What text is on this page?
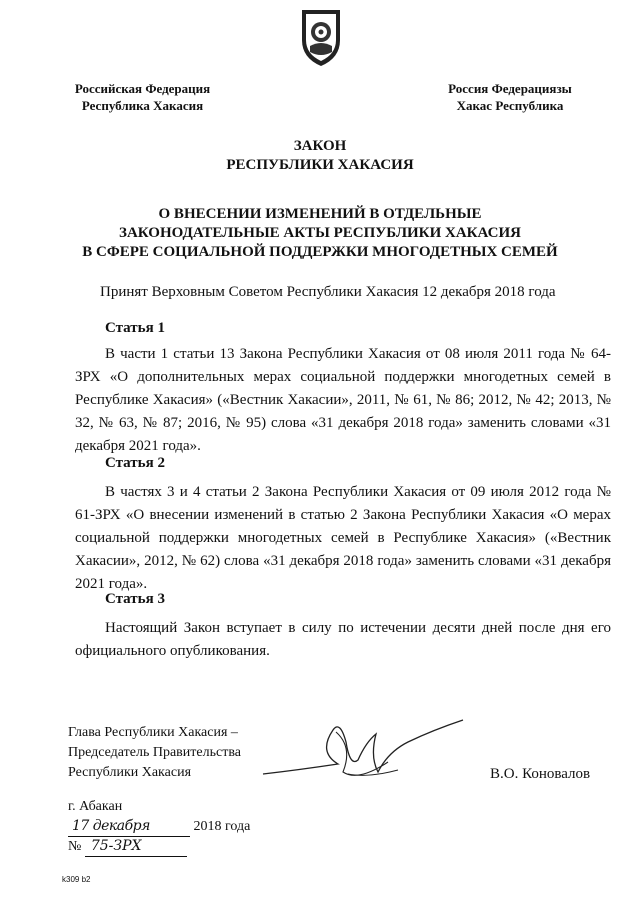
Российская Федерация
Республика Хакасия
Россия Федерациязы
Хакас Республика
ЗАКОН
РЕСПУБЛИКИ ХАКАСИЯ
О ВНЕСЕНИИ ИЗМЕНЕНИЙ В ОТДЕЛЬНЫЕ
ЗАКОНОДАТЕЛЬНЫЕ АКТЫ РЕСПУБЛИКИ ХАКАСИЯ
В СФЕРЕ СОЦИАЛЬНОЙ ПОДДЕРЖКИ МНОГОДЕТНЫХ СЕМЕЙ
Принят Верховным Советом Республики Хакасия 12 декабря 2018 года
Статья 1
В части 1 статьи 13 Закона Республики Хакасия от 08 июля 2011 года № 64-ЗРХ «О дополнительных мерах социальной поддержки многодетных семей в Республике Хакасия» («Вестник Хакасии», 2011, № 61, № 86; 2012, № 42; 2013, № 32, № 63, № 87; 2016, № 95) слова «31 декабря 2018 года» заменить словами «31 декабря 2021 года».
Статья 2
В частях 3 и 4 статьи 2 Закона Республики Хакасия от 09 июля 2012 года № 61-ЗРХ «О внесении изменений в статью 2 Закона Республики Хакасия «О мерах социальной поддержки многодетных семей в Республике Хакасия» («Вестник Хакасии», 2012, № 62) слова «31 декабря 2018 года» заменить словами «31 декабря 2021 года».
Статья 3
Настоящий Закон вступает в силу по истечении десяти дней после дня его официального опубликования.
Глава Республики Хакасия –
Председатель Правительства
Республики Хакасия	В.О. Коновалов
г. Абакан
17 декабря	2018 года
№ 75-ЗРХ
k309 b2
